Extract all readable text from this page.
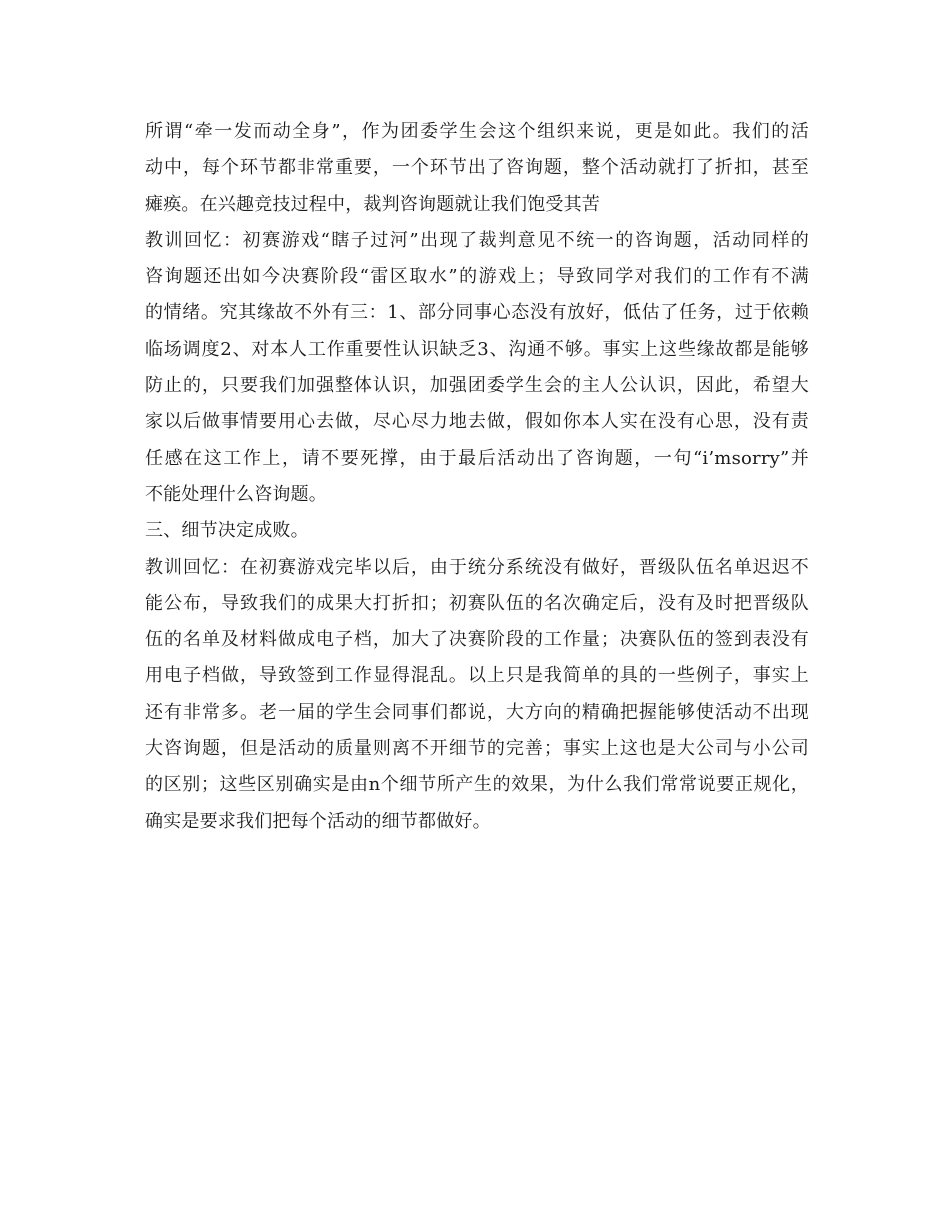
所谓“牵一发而动全身”，作为团委学生会这个组织来说，更是如此。我们的活
动中，每个环节都非常重要，一个环节出了咨询题，整个活动就打了折扣，甚至
瘫痪。在兴趣竞技过程中，裁判咨询题就让我们饱受其苦
教训回忆：初赛游戏“瞎子过河”出现了裁判意见不统一的咨询题，活动同样的
咨询题还出如今决赛阶段“雷区取水”的游戏上；导致同学对我们的工作有不满
的情绪。究其缘故不外有三：1、部分同事心态没有放好，低估了任务，过于依赖
临场调度2、对本人工作重要性认识缺乏3、沟通不够。事实上这些缘故都是能够
防止的，只要我们加强整体认识，加强团委学生会的主人公认识，因此，希望大
家以后做事情要用心去做，尽心尽力地去做，假如你本人实在没有心思，没有责
任感在这工作上，请不要死撑，由于最后活动出了咨询题，一句“i’msorry”并
不能处理什么咨询题。
三、细节决定成败。
教训回忆：在初赛游戏完毕以后，由于统分系统没有做好，晋级队伍名单迟迟不
能公布，导致我们的成果大打折扣；初赛队伍的名次确定后，没有及时把晋级队
伍的名单及材料做成电子档，加大了决赛阶段的工作量；决赛队伍的签到表没有
用电子档做，导致签到工作显得混乱。以上只是我简单的具的一些例子，事实上
还有非常多。老一届的学生会同事们都说，大方向的精确把握能够使活动不出现
大咨询题，但是活动的质量则离不开细节的完善；事实上这也是大公司与小公司
的区别；这些区别确实是由n个细节所产生的效果，为什么我们常常说要正规化，
确实是要求我们把每个活动的细节都做好。
